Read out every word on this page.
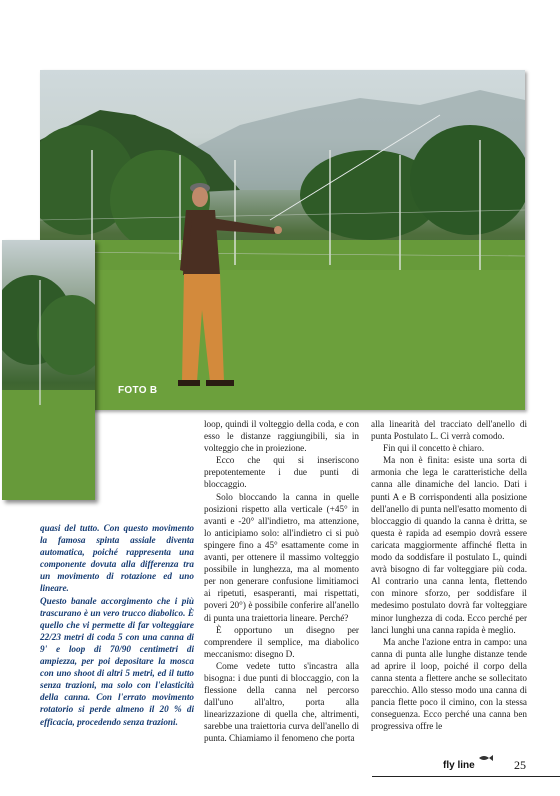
FOTO B

quasi del tutto. Con questo movimento la famosa spinta assiale diventa automatica, poiché rappresenta una componente dovuta alla differenza tra un movimento di rotazione ed uno lineare.

Questo banale accorgimento che i più trascurano è un vero trucco diabolico. È quello che vi permette di far volteggiare 22/23 metri di coda 5 con una canna di 9' e loop di 70/90 centimetri di ampiezza, per poi depositare la mosca con uno shoot di altri 5 metri, ed il tutto senza trazioni, ma solo con l'elasticità della canna. Con l'errato movimento rotatorio si perde almeno il 20 % di efficacia, procedendo senza trazioni.

loop, quindi il volteggio della coda, e con esso le distanze raggiungibili, sia in volteggio che in proiezione.

Ecco che qui si inseriscono prepotentemente i due punti di bloccaggio.

Solo bloccando la canna in quelle posizioni rispetto alla verticale (+45° in avanti e -20° all'indietro, ma attenzione, lo anticipiamo solo: all'indietro ci si può spingere fino a 45° esattamente come in avanti, per ottenere il massimo volteggio possibile in lunghezza, ma al momento per non generare confusione limitiamoci ai ripetuti, esasperanti, mai rispettati, poveri 20°) è possibile conferire all'anello di punta una traiettoria lineare. Perché?

È opportuno un disegno per comprendere il semplice, ma diabolico meccanismo: disegno D.

Come vedete tutto s'incastra alla bisogna: i due punti di bloccaggio, con la flessione della canna nel percorso dall'uno all'altro, porta alla linearizzazione di quella che, altrimenti, sarebbe una traiettoria curva dell'anello di punta. Chiamiamo il fenomeno che porta

alla linearità del tracciato dell'anello di punta Postulato L. Ci verrà comodo.

Fin qui il concetto è chiaro.

Ma non è finita: esiste una sorta di armonia che lega le caratteristiche della canna alle dinamiche del lancio. Dati i punti A e B corrispondenti alla posizione dell'anello di punta nell'esatto momento di bloccaggio di quando la canna è dritta, se questa è rapida ad esempio dovrà essere caricata maggiormente affinché fletta in modo da soddisfare il postulato L, quindi avrà bisogno di far volteggiare più coda. Al contrario una canna lenta, flettendo con minore sforzo, per soddisfare il medesimo postulato dovrà far volteggiare minor lunghezza di coda. Ecco perché per lanci lunghi una canna rapida è meglio.

Ma anche l'azione entra in campo: una canna di punta alle lunghe distanze tende ad aprire il loop, poiché il corpo della canna stenta a flettere anche se sollecitato parecchio. Allo stesso modo una canna di pancia flette poco il cimino, con la stessa conseguenza. Ecco perché una canna ben progressiva offre le

fly line	25
